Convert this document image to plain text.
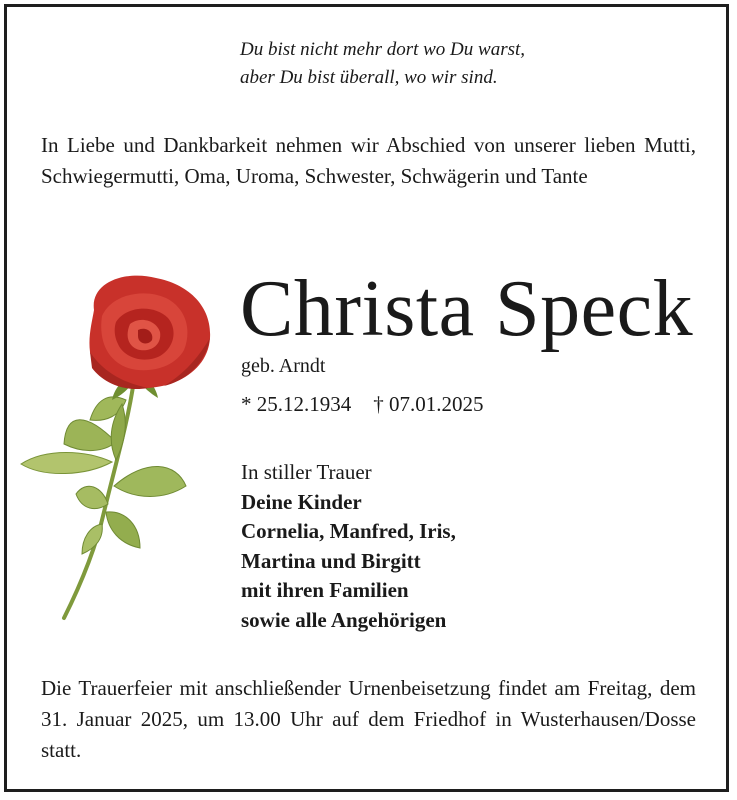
Du bist nicht mehr dort wo Du warst,
aber Du bist überall, wo wir sind.
In Liebe und Dankbarkeit nehmen wir Abschied von unserer lieben Mutti, Schwiegermutti, Oma, Uroma, Schwester, Schwägerin und Tante
Christa Speck
geb. Arndt
* 25.12.1934 † 07.01.2025
In stiller Trauer
Deine Kinder
Cornelia, Manfred, Iris,
Martina und Birgitt
mit ihren Familien
sowie alle Angehörigen
Die Trauerfeier mit anschließender Urnenbeisetzung findet am Freitag, dem 31. Januar 2025, um 13.00 Uhr auf dem Friedhof in Wusterhausen/Dosse statt.
